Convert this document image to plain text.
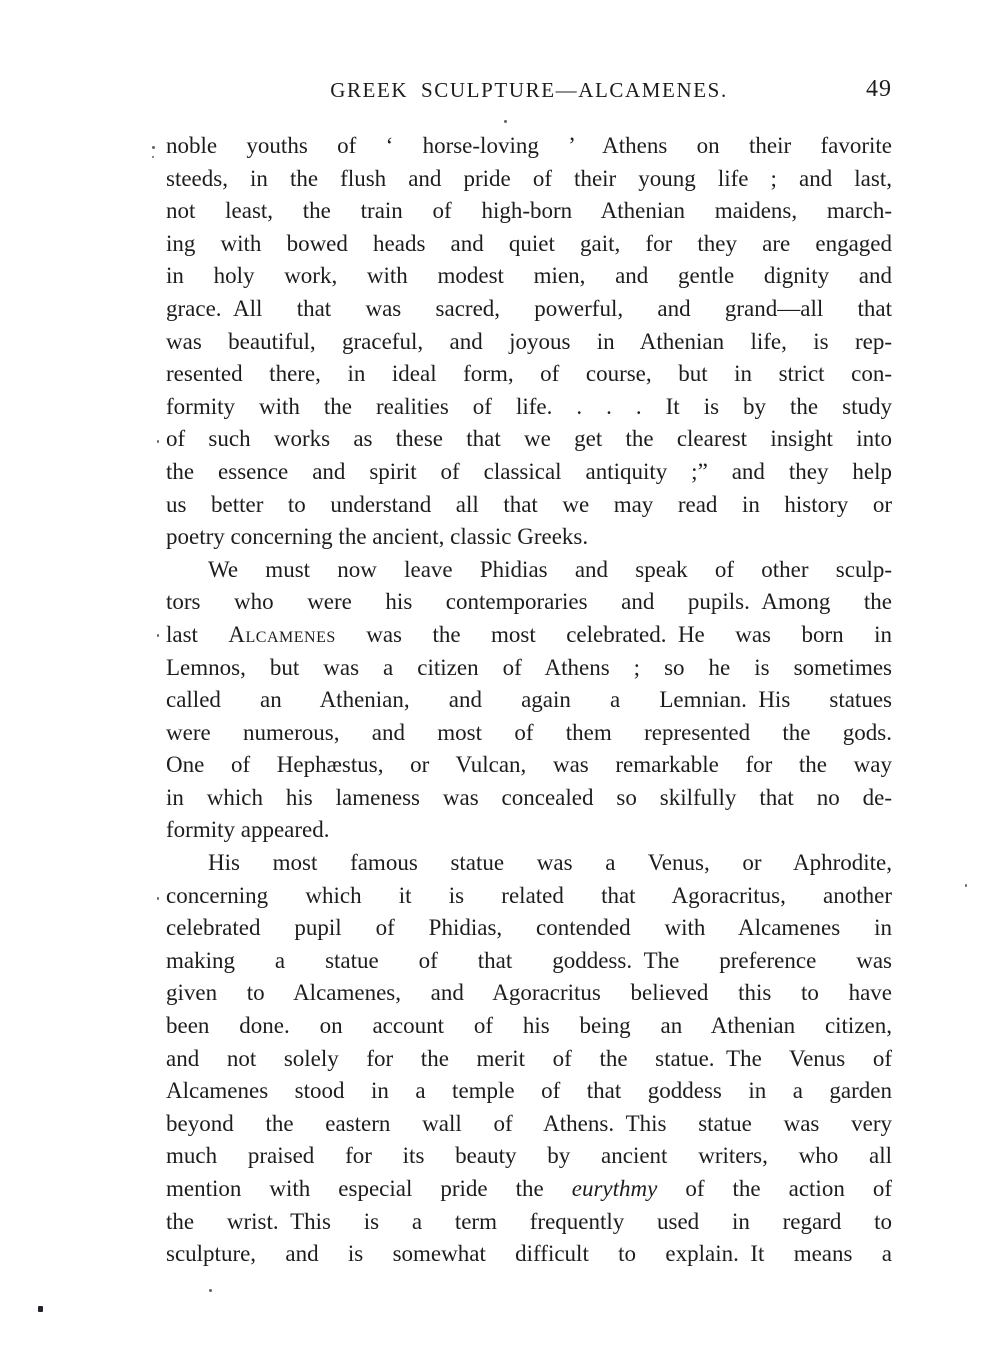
GREEK SCULPTURE—ALCAMENES.	49
noble youths of ‘ horse-loving ’ Athens on their favorite
steeds, in the flush and pride of their young life ; and last,
not least, the train of high-born Athenian maidens, march-
ing with bowed heads and quiet gait, for they are engaged
in holy work, with modest mien, and gentle dignity and
grace. All that was sacred, powerful, and grand—all that
was beautiful, graceful, and joyous in Athenian life, is rep-
resented there, in ideal form, of course, but in strict con-
formity with the realities of life. . . . It is by the study
of such works as these that we get the clearest insight into
the essence and spirit of classical antiquity ;” and they help
us better to understand all that we may read in history or
poetry concerning the ancient, classic Greeks.
We must now leave Phidias and speak of other sculp-
tors who were his contemporaries and pupils. Among the
last Alcamenes was the most celebrated. He was born in
Lemnos, but was a citizen of Athens ; so he is sometimes
called an Athenian, and again a Lemnian. His statues
were numerous, and most of them represented the gods.
One of Hephæstus, or Vulcan, was remarkable for the way
in which his lameness was concealed so skilfully that no de-
formity appeared.
His most famous statue was a Venus, or Aphrodite,
concerning which it is related that Agoracritus, another
celebrated pupil of Phidias, contended with Alcamenes in
making a statue of that goddess. The preference was
given to Alcamenes, and Agoracritus believed this to have
been done. on account of his being an Athenian citizen,
and not solely for the merit of the statue. The Venus of
Alcamenes stood in a temple of that goddess in a garden
beyond the eastern wall of Athens. This statue was very
much praised for its beauty by ancient writers, who all
mention with especial pride the eurythmy of the action of
the wrist. This is a term frequently used in regard to
sculpture, and is somewhat difficult to explain. It means a
